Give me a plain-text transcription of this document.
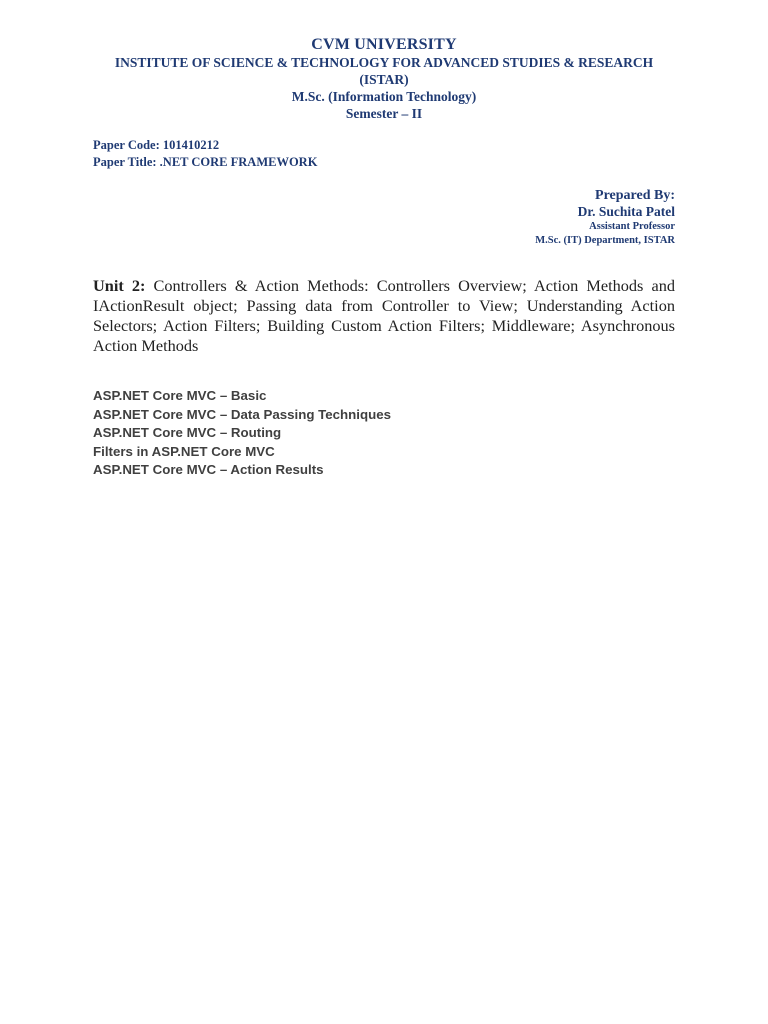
CVM UNIVERSITY
INSTITUTE OF SCIENCE & TECHNOLOGY FOR ADVANCED STUDIES & RESEARCH
(ISTAR)
M.Sc. (Information Technology)
Semester – II
Paper Code: 101410212
Paper Title: .NET CORE FRAMEWORK
Prepared By:
Dr. Suchita Patel
Assistant Professor
M.Sc. (IT) Department, ISTAR

Unit 2: Controllers & Action Methods: Controllers Overview; Action Methods and IActionResult object; Passing data from Controller to View; Understanding Action Selectors; Action Filters; Building Custom Action Filters; Middleware; Asynchronous Action Methods

ASP.NET Core MVC – Basic
ASP.NET Core MVC – Data Passing Techniques
ASP.NET Core MVC – Routing
Filters in ASP.NET Core MVC
ASP.NET Core MVC – Action Results
